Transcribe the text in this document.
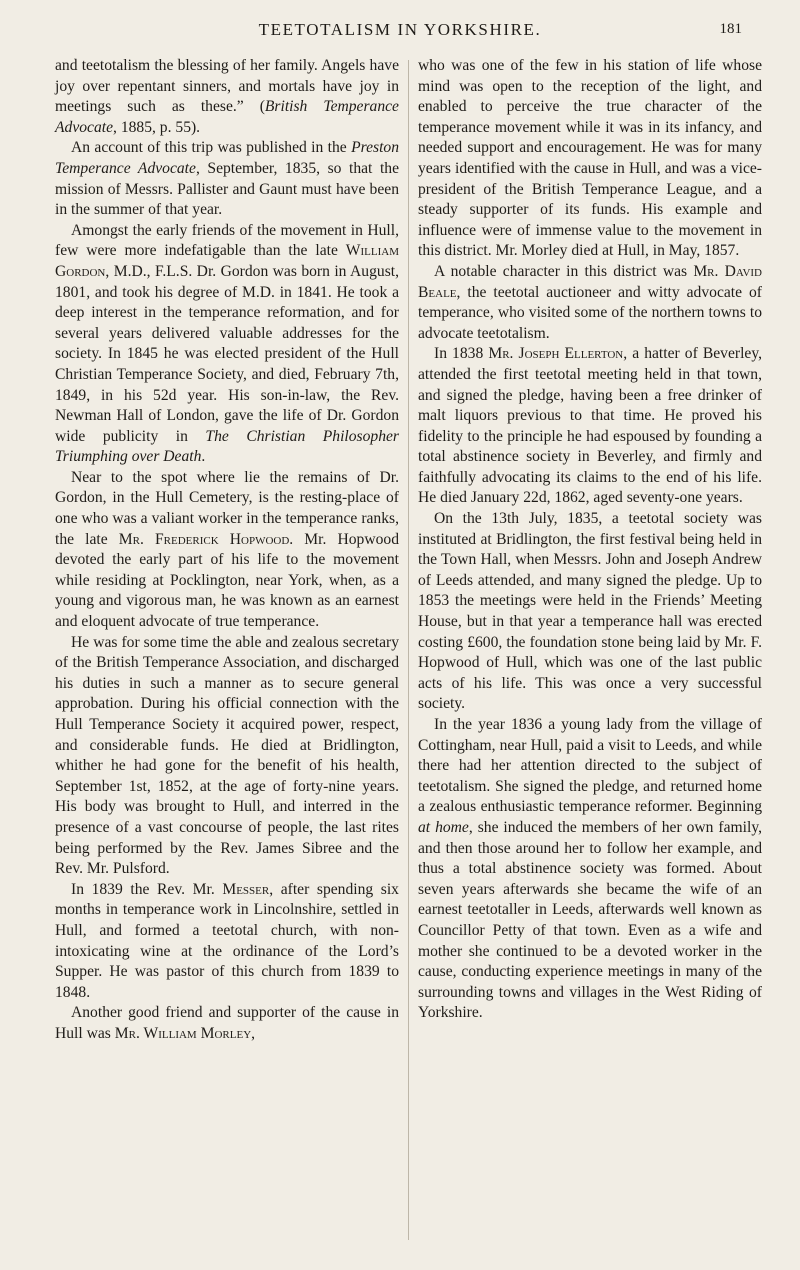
TEETOTALISM IN YORKSHIRE.	181

and teetotalism the blessing of her family. Angels have joy over repentant sinners, and mortals have joy in meetings such as these.” (British Temperance Advocate, 1885, p. 55).

An account of this trip was published in the Preston Temperance Advocate, September, 1835, so that the mission of Messrs. Pallister and Gaunt must have been in the summer of that year.

Amongst the early friends of the movement in Hull, few were more indefatigable than the late William Gordon, M.D., F.L.S. Dr. Gordon was born in August, 1801, and took his degree of M.D. in 1841. He took a deep interest in the temperance reformation, and for several years delivered valuable addresses for the society. In 1845 he was elected president of the Hull Christian Temperance Society, and died, February 7th, 1849, in his 52d year. His son-in-law, the Rev. Newman Hall of London, gave the life of Dr. Gordon wide publicity in The Christian Philosopher Triumphing over Death.

Near to the spot where lie the remains of Dr. Gordon, in the Hull Cemetery, is the resting-place of one who was a valiant worker in the temperance ranks, the late Mr. Frederick Hopwood. Mr. Hopwood devoted the early part of his life to the movement while residing at Pocklington, near York, when, as a young and vigorous man, he was known as an earnest and eloquent advocate of true temperance.

He was for some time the able and zealous secretary of the British Temperance Association, and discharged his duties in such a manner as to secure general approbation. During his official connection with the Hull Temperance Society it acquired power, respect, and considerable funds. He died at Bridlington, whither he had gone for the benefit of his health, September 1st, 1852, at the age of forty-nine years. His body was brought to Hull, and interred in the presence of a vast concourse of people, the last rites being performed by the Rev. James Sibree and the Rev. Mr. Pulsford.

In 1839 the Rev. Mr. Messer, after spending six months in temperance work in Lincolnshire, settled in Hull, and formed a teetotal church, with non-intoxicating wine at the ordinance of the Lord’s Supper. He was pastor of this church from 1839 to 1848.

Another good friend and supporter of the cause in Hull was Mr. William Morley,

who was one of the few in his station of life whose mind was open to the reception of the light, and enabled to perceive the true character of the temperance movement while it was in its infancy, and needed support and encouragement. He was for many years identified with the cause in Hull, and was a vice-president of the British Temperance League, and a steady supporter of its funds. His example and influence were of immense value to the movement in this district. Mr. Morley died at Hull, in May, 1857.

A notable character in this district was Mr. David Beale, the teetotal auctioneer and witty advocate of temperance, who visited some of the northern towns to advocate teetotalism.

In 1838 Mr. Joseph Ellerton, a hatter of Beverley, attended the first teetotal meeting held in that town, and signed the pledge, having been a free drinker of malt liquors previous to that time. He proved his fidelity to the principle he had espoused by founding a total abstinence society in Beverley, and firmly and faithfully advocating its claims to the end of his life. He died January 22d, 1862, aged seventy-one years.

On the 13th July, 1835, a teetotal society was instituted at Bridlington, the first festival being held in the Town Hall, when Messrs. John and Joseph Andrew of Leeds attended, and many signed the pledge. Up to 1853 the meetings were held in the Friends’ Meeting House, but in that year a temperance hall was erected costing £600, the foundation stone being laid by Mr. F. Hopwood of Hull, which was one of the last public acts of his life. This was once a very successful society.

In the year 1836 a young lady from the village of Cottingham, near Hull, paid a visit to Leeds, and while there had her attention directed to the subject of teetotalism. She signed the pledge, and returned home a zealous enthusiastic temperance reformer. Beginning at home, she induced the members of her own family, and then those around her to follow her example, and thus a total abstinence society was formed. About seven years afterwards she became the wife of an earnest teetotaller in Leeds, afterwards well known as Councillor Petty of that town. Even as a wife and mother she continued to be a devoted worker in the cause, conducting experience meetings in many of the surrounding towns and villages in the West Riding of Yorkshire.
